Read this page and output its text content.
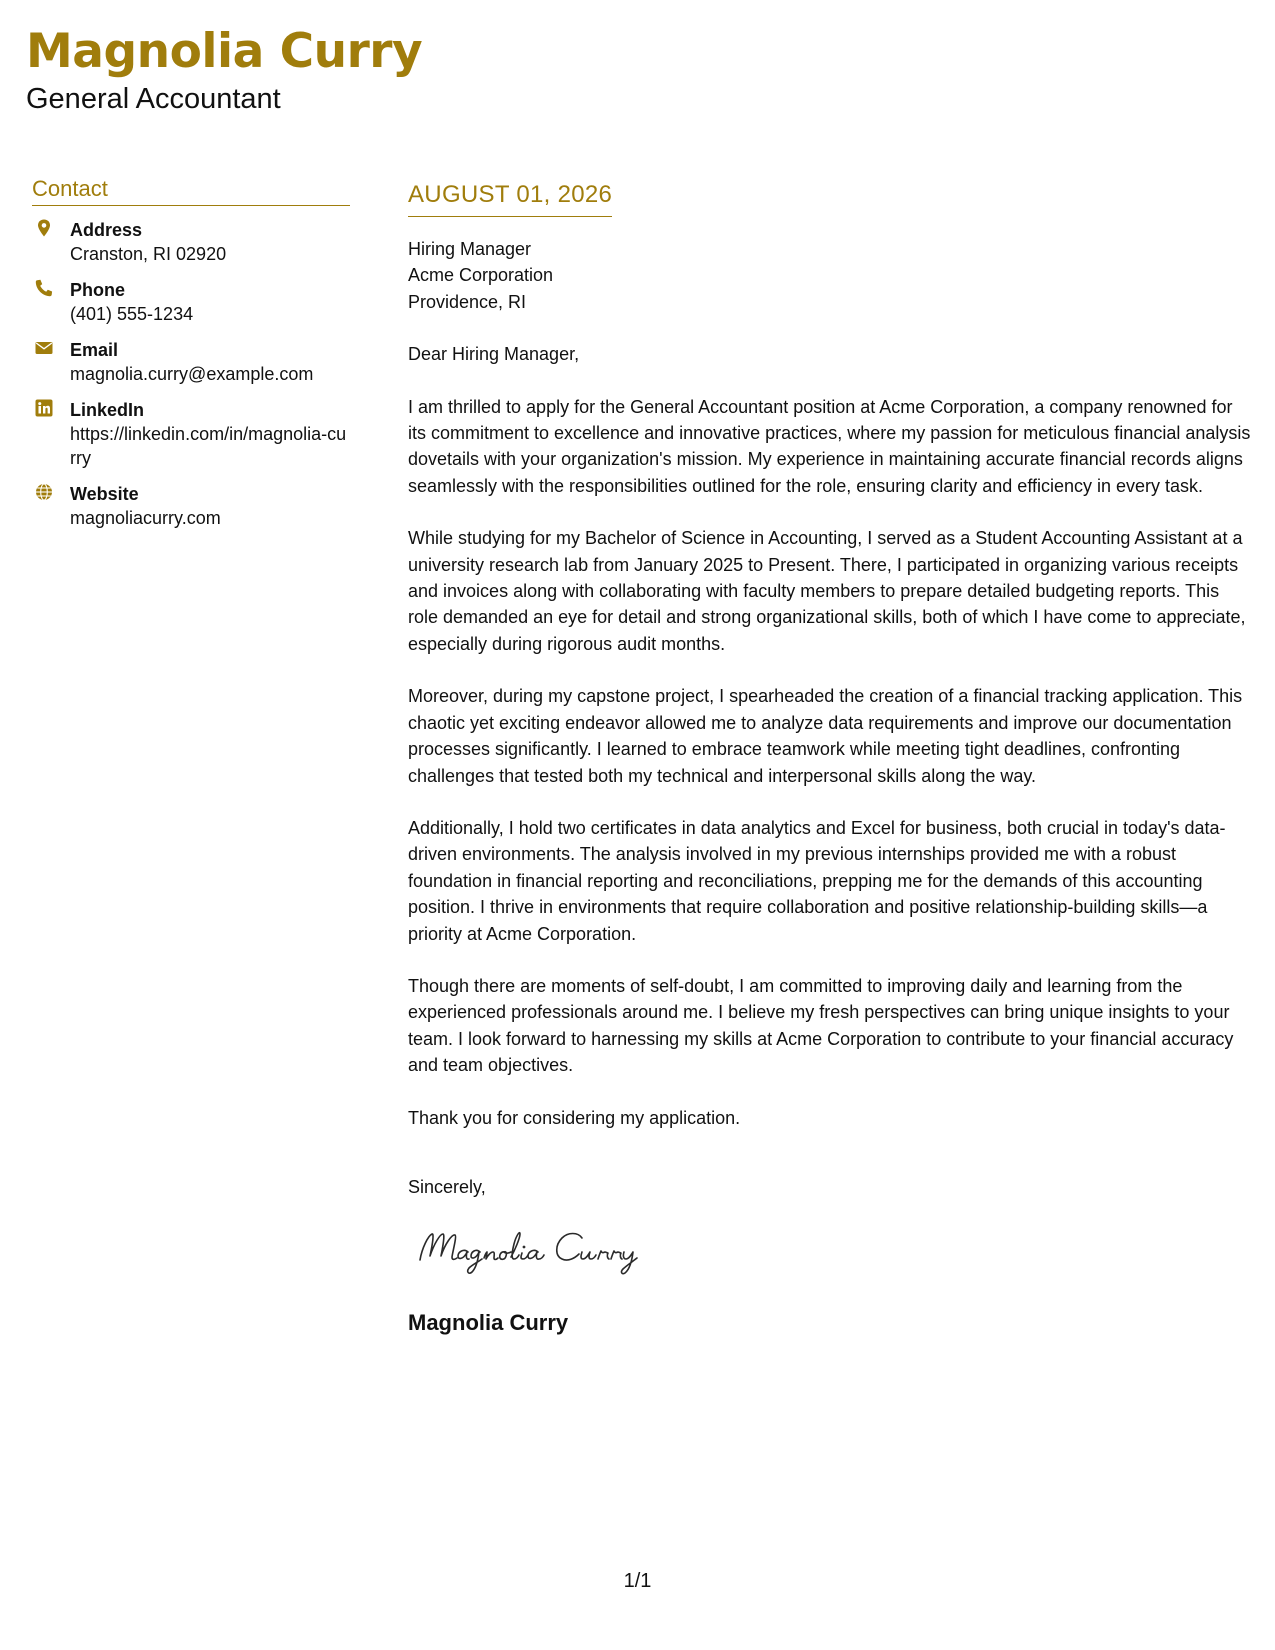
Magnolia Curry
General Accountant
Contact
Address
Cranston, RI 02920
Phone
(401) 555-1234
Email
magnolia.curry@example.com
LinkedIn
https://linkedin.com/in/magnolia-curry
Website
magnoliacurry.com
AUGUST 01, 2026
Hiring Manager
Acme Corporation
Providence, RI

Dear Hiring Manager,

I am thrilled to apply for the General Accountant position at Acme Corporation, a company renowned for its commitment to excellence and innovative practices, where my passion for meticulous financial analysis dovetails with your organization's mission. My experience in maintaining accurate financial records aligns seamlessly with the responsibilities outlined for the role, ensuring clarity and efficiency in every task.

While studying for my Bachelor of Science in Accounting, I served as a Student Accounting Assistant at a university research lab from January 2025 to Present. There, I participated in organizing various receipts and invoices along with collaborating with faculty members to prepare detailed budgeting reports. This role demanded an eye for detail and strong organizational skills, both of which I have come to appreciate, especially during rigorous audit months.

Moreover, during my capstone project, I spearheaded the creation of a financial tracking application. This chaotic yet exciting endeavor allowed me to analyze data requirements and improve our documentation processes significantly. I learned to embrace teamwork while meeting tight deadlines, confronting challenges that tested both my technical and interpersonal skills along the way.

Additionally, I hold two certificates in data analytics and Excel for business, both crucial in today's data-driven environments. The analysis involved in my previous internships provided me with a robust foundation in financial reporting and reconciliations, prepping me for the demands of this accounting position. I thrive in environments that require collaboration and positive relationship-building skills—a priority at Acme Corporation.

Though there are moments of self-doubt, I am committed to improving daily and learning from the experienced professionals around me. I believe my fresh perspectives can bring unique insights to your team. I look forward to harnessing my skills at Acme Corporation to contribute to your financial accuracy and team objectives.

Thank you for considering my application.

Sincerely,
Magnolia Curry
1/1
